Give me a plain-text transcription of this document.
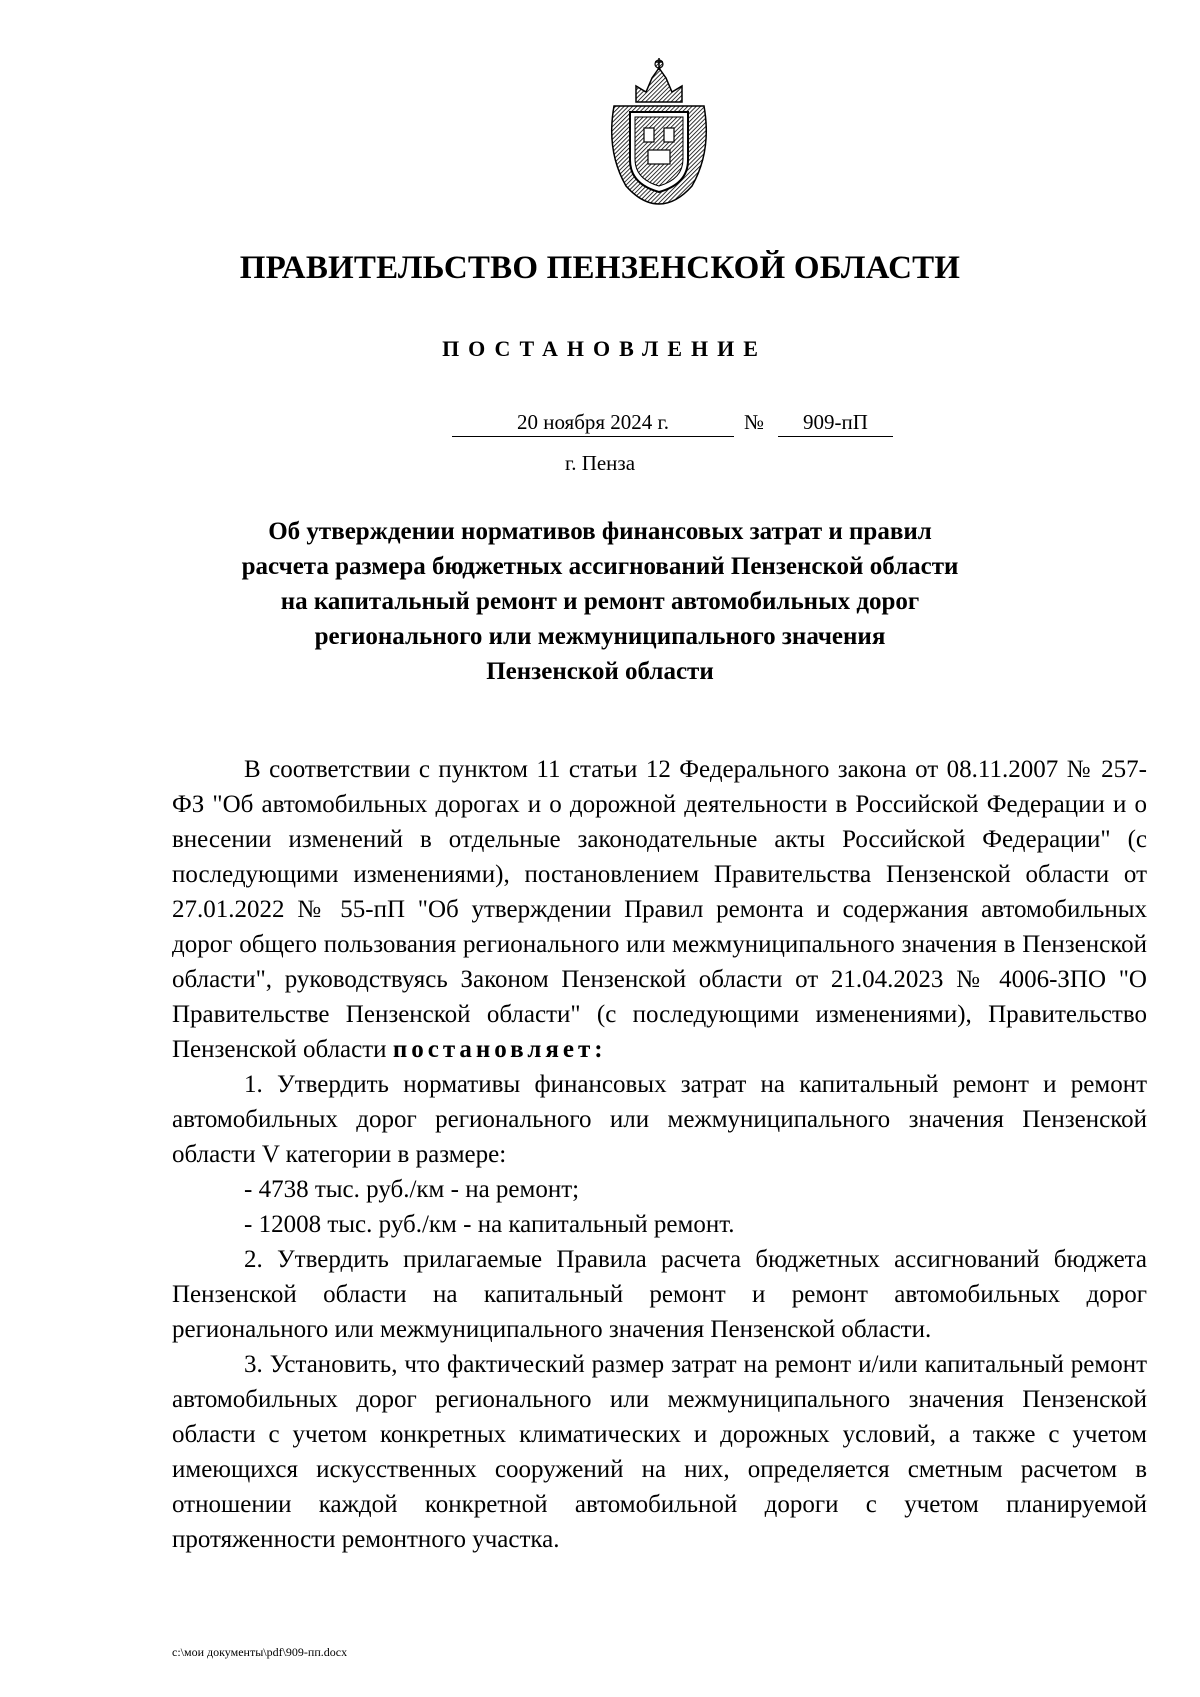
ПРАВИТЕЛЬСТВО ПЕНЗЕНСКОЙ ОБЛАСТИ
ПОСТАНОВЛЕНИЕ
20 ноября 2024 г.	№	909-пП
г. Пенза
Об утверждении нормативов финансовых затрат и правил
расчета размера бюджетных ассигнований Пензенской области
на капитальный ремонт и ремонт автомобильных дорог
регионального или межмуниципального значения
Пензенской области

В соответствии с пунктом 11 статьи 12 Федерального закона от 08.11.2007 № 257-ФЗ "Об автомобильных дорогах и о дорожной деятельности в Российской Федерации и о внесении изменений в отдельные законодательные акты Российской Федерации" (с последующими изменениями), постановлением Правительства Пензенской области от 27.01.2022 № 55-пП "Об утверждении Правил ремонта и содержания автомобильных дорог общего пользования регионального или межмуниципального значения в Пензенской области", руководствуясь Законом Пензенской области от 21.04.2023 № 4006-ЗПО "О Правительстве Пензенской области" (с последующими изменениями), Правительство Пензенской области постановляет:

1. Утвердить нормативы финансовых затрат на капитальный ремонт и ремонт автомобильных дорог регионального или межмуниципального значения Пензенской области V категории в размере:

- 4738 тыс. руб./км - на ремонт;

- 12008 тыс. руб./км - на капитальный ремонт.

2. Утвердить прилагаемые Правила расчета бюджетных ассигнований бюджета Пензенской области на капитальный ремонт и ремонт автомобильных дорог регионального или межмуниципального значения Пензенской области.

3. Установить, что фактический размер затрат на ремонт и/или капитальный ремонт автомобильных дорог регионального или межмуниципального значения Пензенской области с учетом конкретных климатических и дорожных условий, а также с учетом имеющихся искусственных сооружений на них, определяется сметным расчетом в отношении каждой конкретной автомобильной дороги с учетом планируемой протяженности ремонтного участка.

c:\мои документы\pdf\909-пп.docx
